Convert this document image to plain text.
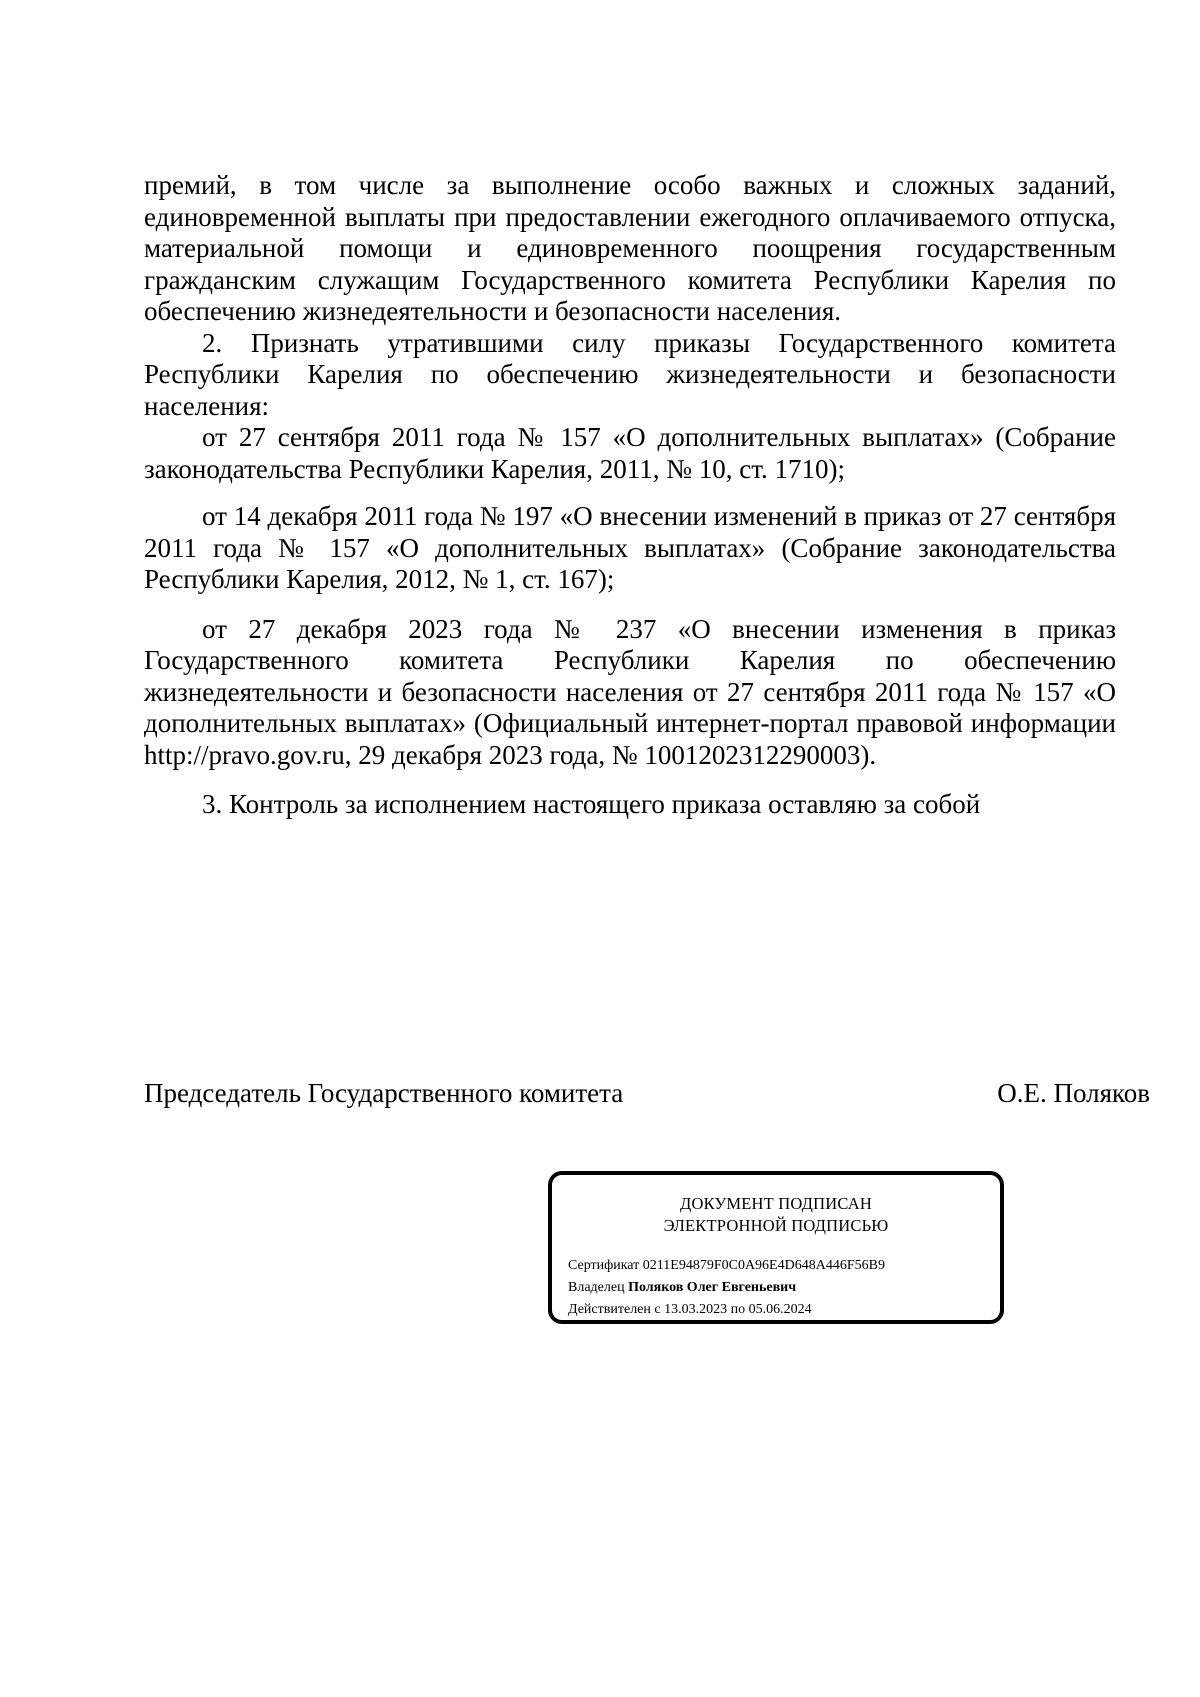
премий, в том числе за выполнение особо важных и сложных заданий, единовременной выплаты при предоставлении ежегодного оплачиваемого отпуска, материальной помощи и единовременного поощрения государственным гражданским служащим Государственного комитета Республики Карелия по обеспечению жизнедеятельности и безопасности населения.

2. Признать утратившими силу приказы Государственного комитета Республики Карелия по обеспечению жизнедеятельности и безопасности населения:

от 27 сентября 2011 года № 157 «О дополнительных выплатах» (Собрание законодательства Республики Карелия, 2011, № 10, ст. 1710);

от 14 декабря 2011 года № 197 «О внесении изменений в приказ от 27 сентября 2011 года № 157 «О дополнительных выплатах» (Собрание законодательства Республики Карелия, 2012, № 1, ст. 167);

от 27 декабря 2023 года № 237 «О внесении изменения в приказ Государственного комитета Республики Карелия по обеспечению жизнедеятельности и безопасности населения от 27 сентября 2011 года № 157 «О дополнительных выплатах» (Официальный интернет-портал правовой информации http://pravo.gov.ru, 29 декабря 2023 года, № 1001202312290003).

3. Контроль за исполнением настоящего приказа оставляю за собой

Председатель Государственного комитета	О.Е. Поляков
ДОКУМЕНТ ПОДПИСАН
ЭЛЕКТРОННОЙ ПОДПИСЬЮ
Сертификат 0211E94879F0C0A96E4D648A446F56B9
Владелец Поляков Олег Евгеньевич
Действителен с 13.03.2023 по 05.06.2024
